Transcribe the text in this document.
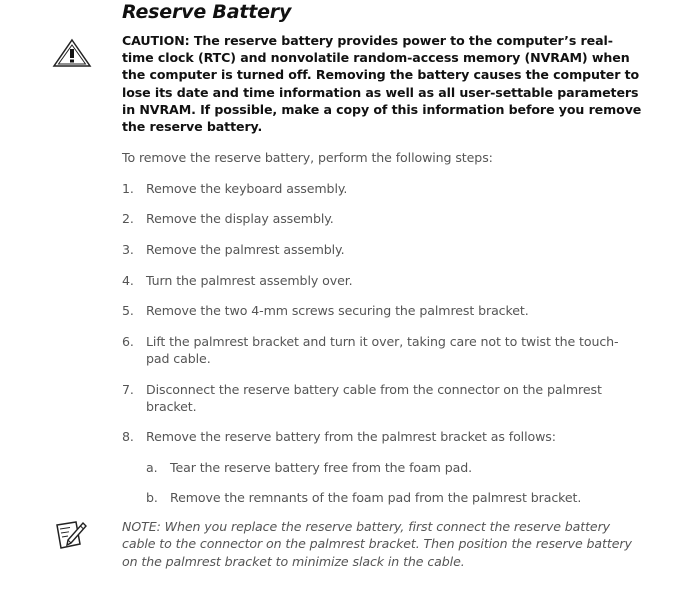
Reserve Battery
CAUTION: The reserve battery provides power to the computer’s real-time clock (RTC) and nonvolatile random-access memory (NVRAM) when the computer is turned off. Removing the battery causes the computer to lose its date and time information as well as all user-settable parameters in NVRAM. If possible, make a copy of this information before you remove the reserve battery.
To remove the reserve battery, perform the following steps:
1. Remove the keyboard assembly.
2. Remove the display assembly.
3. Remove the palmrest assembly.
4. Turn the palmrest assembly over.
5. Remove the two 4-mm screws securing the palmrest bracket.
6. Lift the palmrest bracket and turn it over, taking care not to twist the touch-pad cable.
7. Disconnect the reserve battery cable from the connector on the palmrest bracket.
8. Remove the reserve battery from the palmrest bracket as follows:
a. Tear the reserve battery free from the foam pad.
b. Remove the remnants of the foam pad from the palmrest bracket.
NOTE: When you replace the reserve battery, first connect the reserve battery cable to the connector on the palmrest bracket. Then position the reserve battery on the palmrest bracket to minimize slack in the cable.
